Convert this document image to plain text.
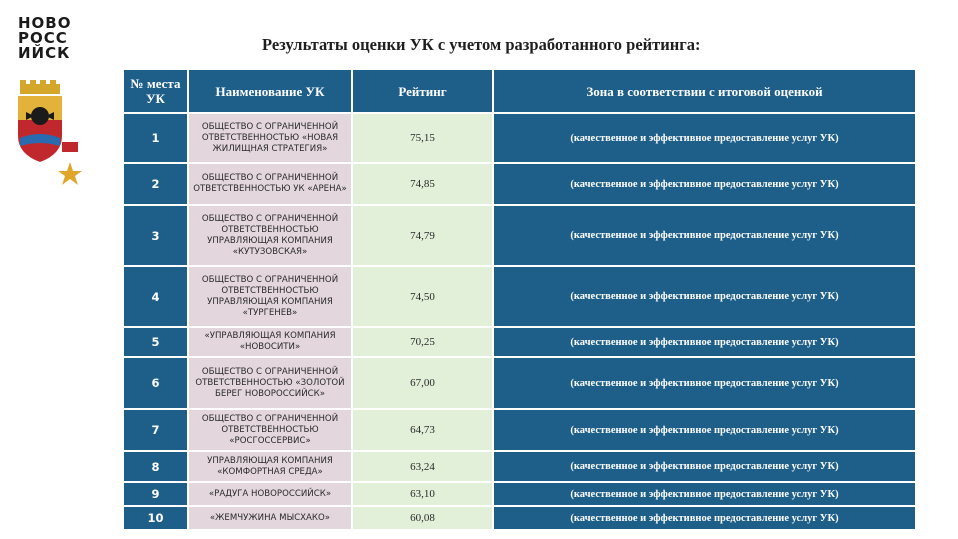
НОВО
РОСС
ИЙСК	Результаты оценки УК с учетом разработанного рейтинга:
№ места УК	Наименование УК	Рейтинг	Зона в соответствии с итоговой оценкой
1	ОБЩЕСТВО С ОГРАНИЧЕННОЙ ОТВЕТСТВЕННОСТЬЮ «НОВАЯ ЖИЛИЩНАЯ СТРАТЕГИЯ»	75,15	(качественное и эффективное предоставление услуг УК)
2	ОБЩЕСТВО С ОГРАНИЧЕННОЙ ОТВЕТСТВЕННОСТЬЮ УК «АРЕНА»	74,85	(качественное и эффективное предоставление услуг УК)
3	ОБЩЕСТВО С ОГРАНИЧЕННОЙ ОТВЕТСТВЕННОСТЬЮ УПРАВЛЯЮЩАЯ КОМПАНИЯ «КУТУЗОВСКАЯ»	74,79	(качественное и эффективное предоставление услуг УК)
4	ОБЩЕСТВО С ОГРАНИЧЕННОЙ ОТВЕТСТВЕННОСТЬЮ УПРАВЛЯЮЩАЯ КОМПАНИЯ «ТУРГЕНЕВ»	74,50	(качественное и эффективное предоставление услуг УК)
5	«УПРАВЛЯЮЩАЯ КОМПАНИЯ «НОВОСИТИ»	70,25	(качественное и эффективное предоставление услуг УК)
6	ОБЩЕСТВО С ОГРАНИЧЕННОЙ ОТВЕТСТВЕННОСТЬЮ «ЗОЛОТОЙ БЕРЕГ НОВОРОССИЙСК»	67,00	(качественное и эффективное предоставление услуг УК)
7	ОБЩЕСТВО С ОГРАНИЧЕННОЙ ОТВЕТСТВЕННОСТЬЮ «РОСГОССЕРВИС»	64,73	(качественное и эффективное предоставление услуг УК)
8	УПРАВЛЯЮЩАЯ КОМПАНИЯ «КОМФОРТНАЯ СРЕДА»	63,24	(качественное и эффективное предоставление услуг УК)
9	«РАДУГА НОВОРОССИЙСК»	63,10	(качественное и эффективное предоставление услуг УК)
10	«ЖЕМЧУЖИНА МЫСХАКО»	60,08	(качественное и эффективное предоставление услуг УК)
